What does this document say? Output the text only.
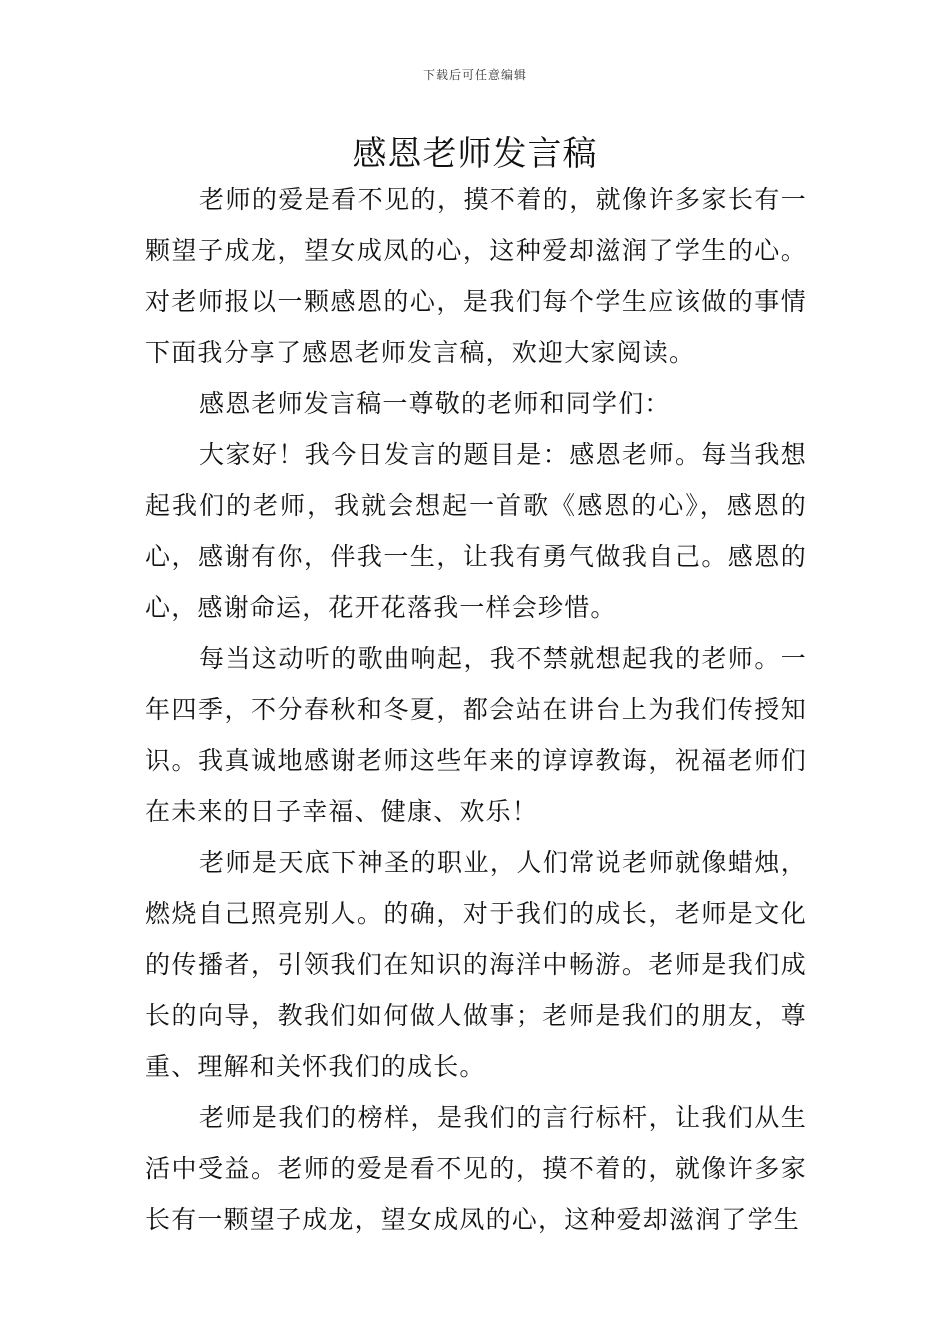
下载后可任意编辑
感恩老师发言稿

老师的爱是看不见的，摸不着的，就像许多家长有一颗望子成龙，望女成凤的心，这种爱却滋润了学生的心。对老师报以一颗感恩的心，是我们每个学生应该做的事情下面我分享了感恩老师发言稿，欢迎大家阅读。

感恩老师发言稿一尊敬的老师和同学们：

大家好！我今日发言的题目是：感恩老师。每当我想起我们的老师，我就会想起一首歌《感恩的心》，感恩的心，感谢有你，伴我一生，让我有勇气做我自己。感恩的心，感谢命运，花开花落我一样会珍惜。

每当这动听的歌曲响起，我不禁就想起我的老师。一年四季，不分春秋和冬夏，都会站在讲台上为我们传授知识。我真诚地感谢老师这些年来的谆谆教诲，祝福老师们在未来的日子幸福、健康、欢乐！

老师是天底下神圣的职业，人们常说老师就像蜡烛，燃烧自己照亮别人。的确，对于我们的成长，老师是文化的传播者，引领我们在知识的海洋中畅游。老师是我们成长的向导，教我们如何做人做事；老师是我们的朋友，尊重、理解和关怀我们的成长。

老师是我们的榜样，是我们的言行标杆，让我们从生活中受益。老师的爱是看不见的，摸不着的，就像许多家长有一颗望子成龙，望女成凤的心，这种爱却滋润了学生
